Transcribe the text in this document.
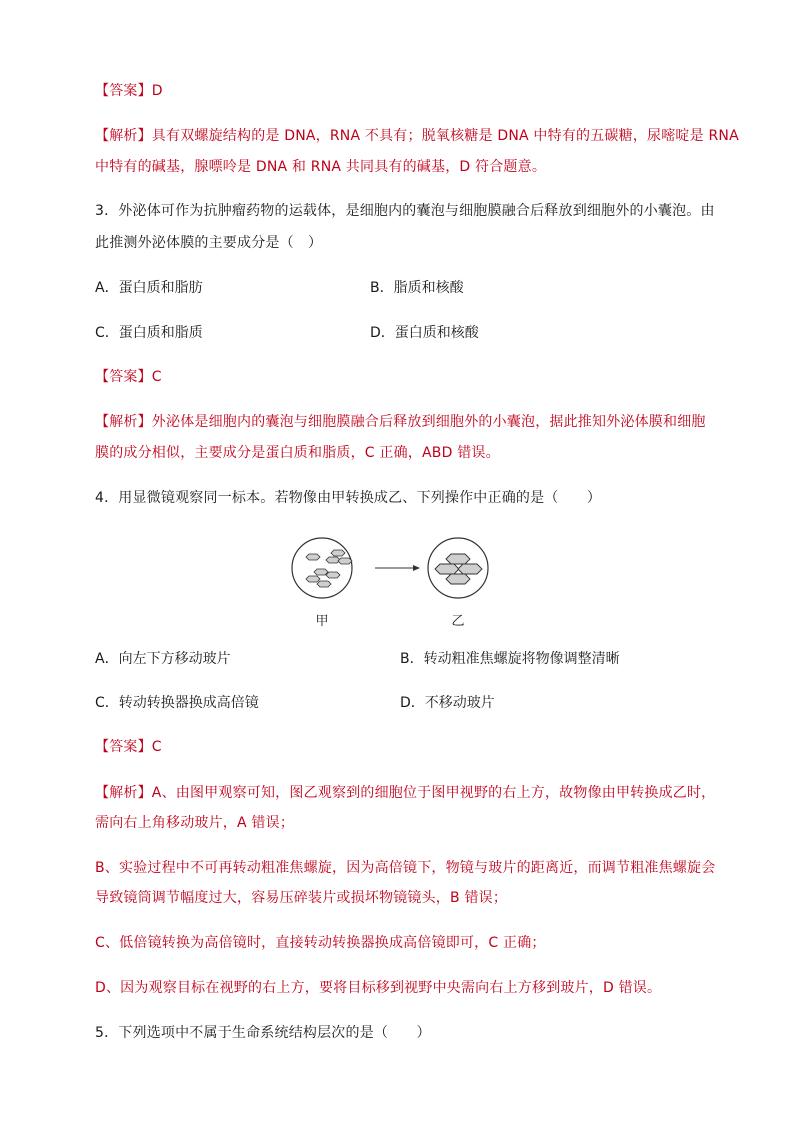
【答案】D
【解析】具有双螺旋结构的是 DNA，RNA 不具有；脱氧核糖是 DNA 中特有的五碳糖，尿嘧啶是 RNA
中特有的碱基，腺嘌呤是 DNA 和 RNA 共同具有的碱基，D 符合题意。
3．外泌体可作为抗肿瘤药物的运载体，是细胞内的囊泡与细胞膜融合后释放到细胞外的小囊泡。由
此推测外泌体膜的主要成分是（　）
A．蛋白质和脂肪	B．脂质和核酸
C．蛋白质和脂质	D．蛋白质和核酸
【答案】C
【解析】外泌体是细胞内的囊泡与细胞膜融合后释放到细胞外的小囊泡，据此推知外泌体膜和细胞
膜的成分相似，主要成分是蛋白质和脂质，C 正确，ABD 错误。
4．用显微镜观察同一标本。若物像由甲转换成乙、下列操作中正确的是（　　）
甲	乙
A．向左下方移动玻片	B．转动粗准焦螺旋将物像调整清晰
C．转动转换器换成高倍镜	D．不移动玻片
【答案】C
【解析】A、由图甲观察可知，图乙观察到的细胞位于图甲视野的右上方，故物像由甲转换成乙时，
需向右上角移动玻片，A 错误；
B、实验过程中不可再转动粗准焦螺旋，因为高倍镜下，物镜与玻片的距离近，而调节粗准焦螺旋会
导致镜筒调节幅度过大，容易压碎装片或损坏物镜镜头，B 错误；
C、低倍镜转换为高倍镜时，直接转动转换器换成高倍镜即可，C 正确；
D、因为观察目标在视野的右上方，要将目标移到视野中央需向右上方移到玻片，D 错误。
5．下列选项中不属于生命系统结构层次的是（　　）
